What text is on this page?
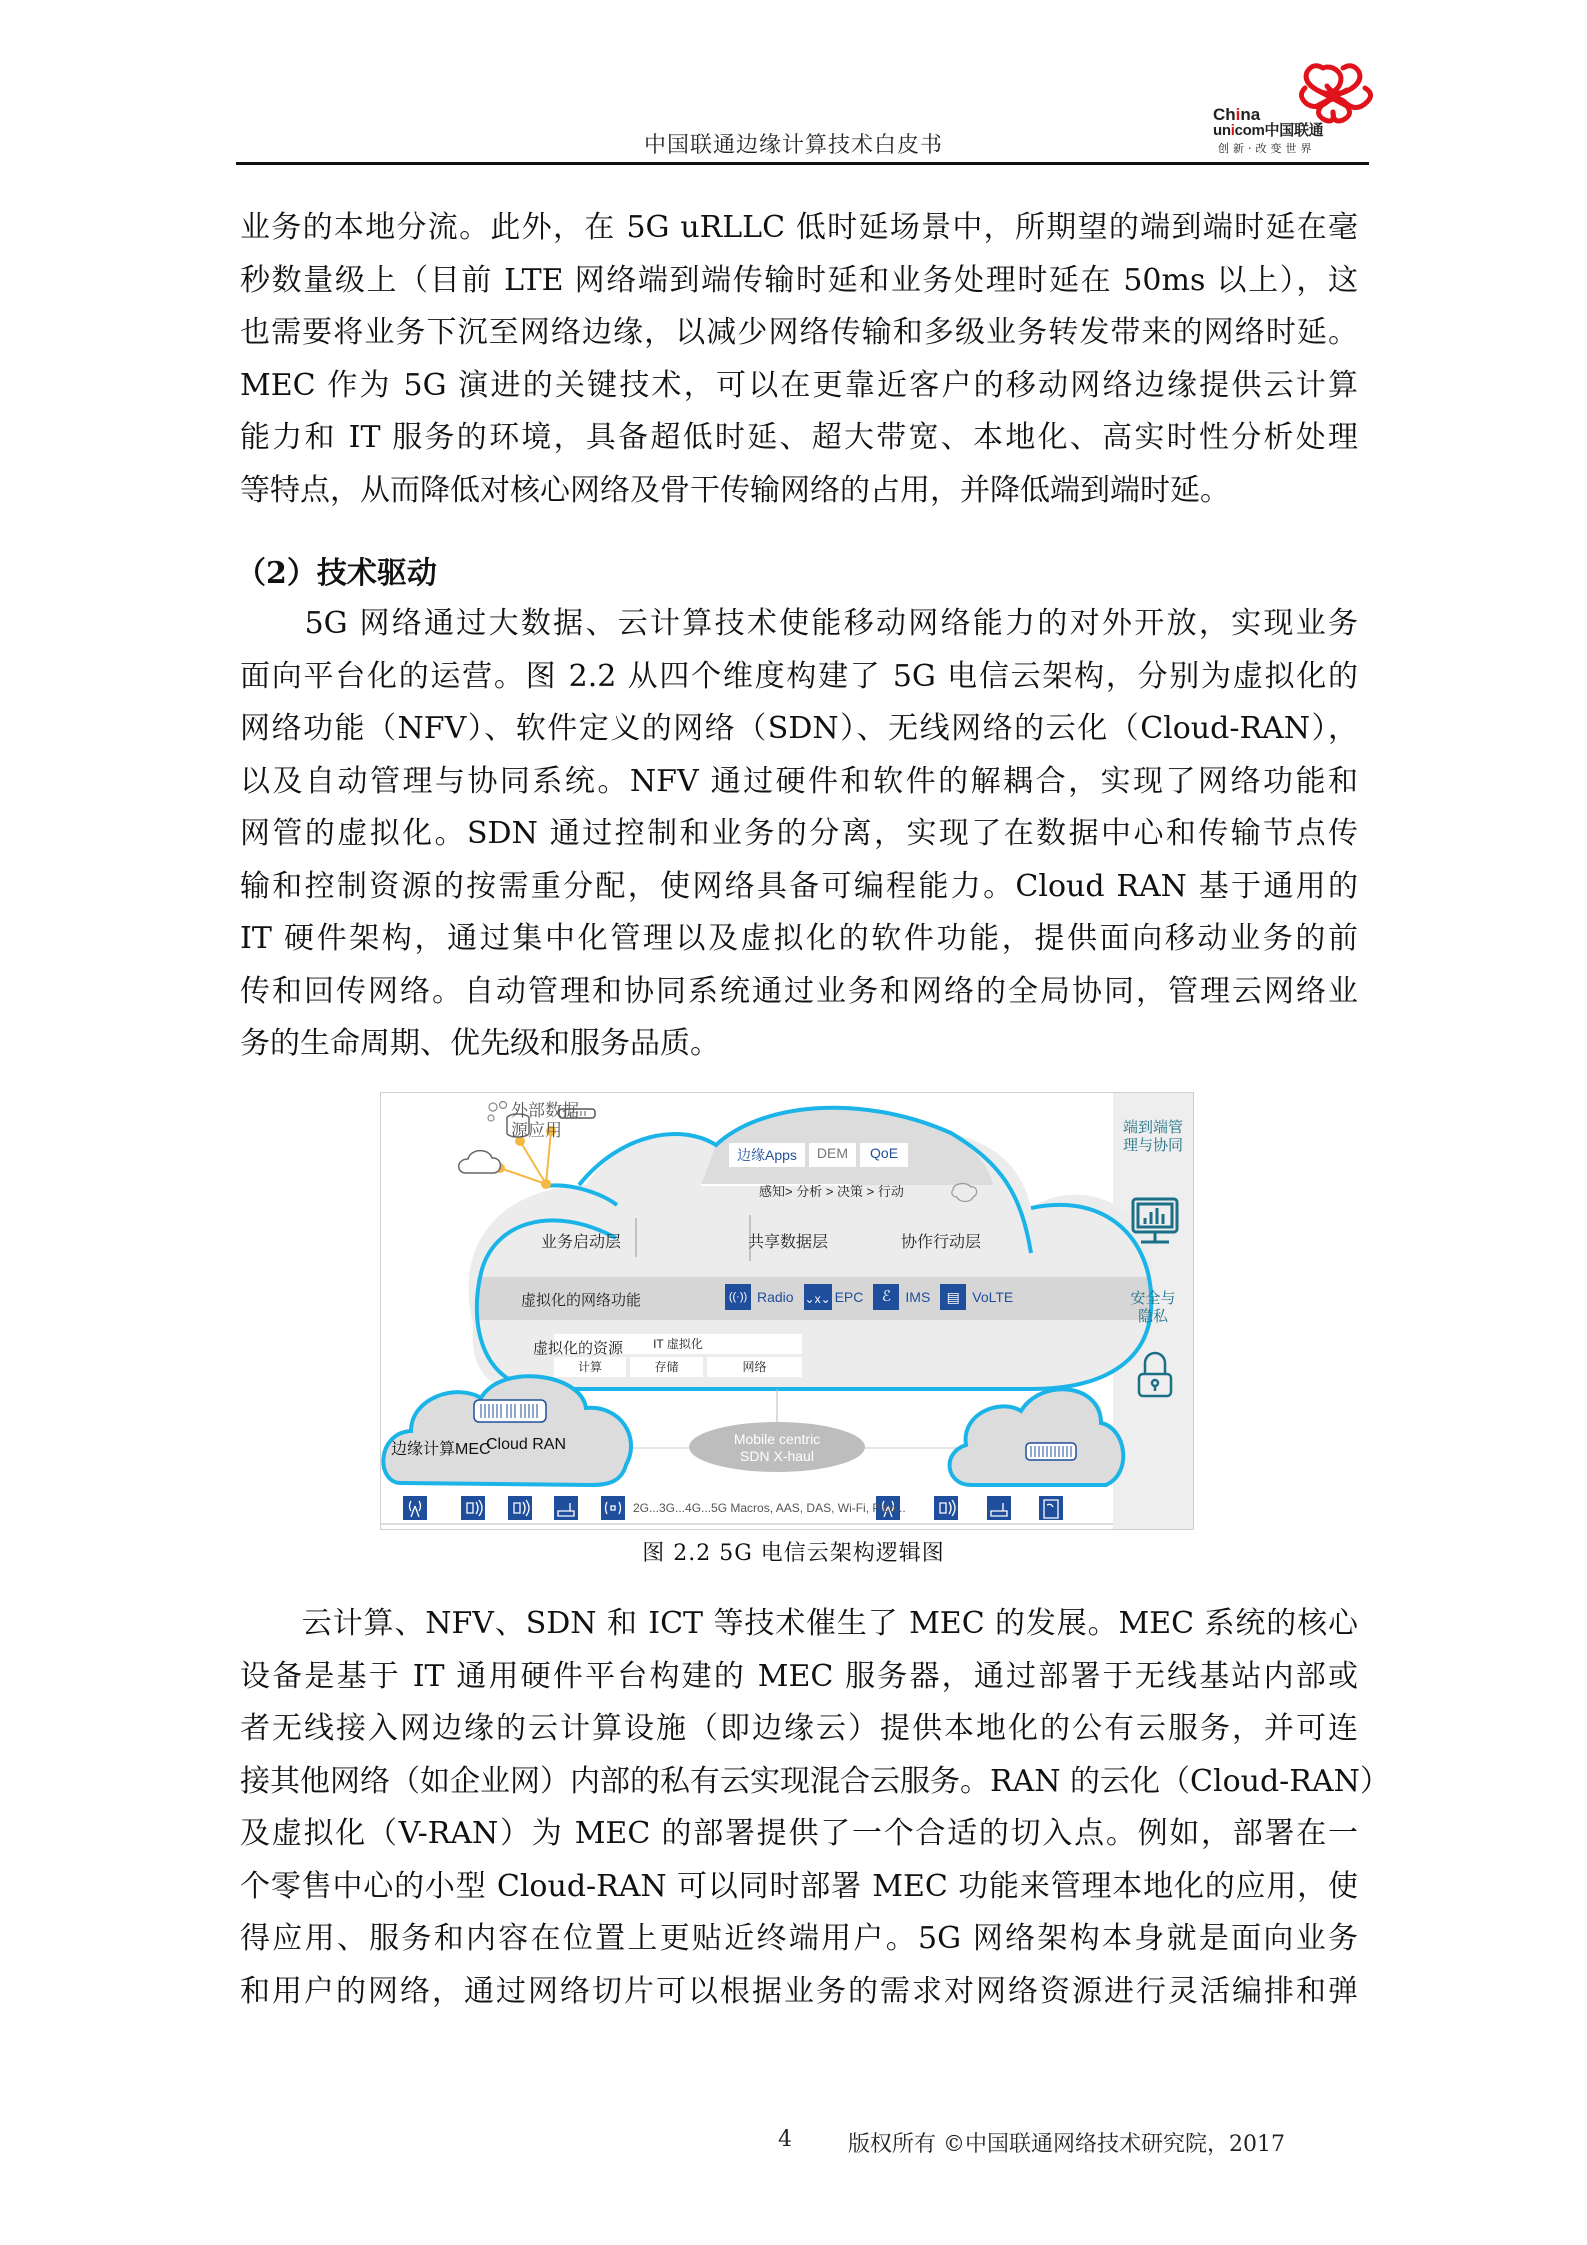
中国联通边缘计算技术白皮书
China
unicom中国联通
创新·改变世界
业务的本地分流。此外，在 5G uRLLC 低时延场景中，所期望的端到端时延在毫
秒数量级上（目前 LTE 网络端到端传输时延和业务处理时延在 50ms 以上），这
也需要将业务下沉至网络边缘，以减少网络传输和多级业务转发带来的网络时延。
MEC 作为 5G 演进的关键技术，可以在更靠近客户的移动网络边缘提供云计算
能力和 IT 服务的环境，具备超低时延、超大带宽、本地化、高实时性分析处理
等特点，从而降低对核心网络及骨干传输网络的占用，并降低端到端时延。
（2）技术驱动
　　5G 网络通过大数据、云计算技术使能移动网络能力的对外开放，实现业务
面向平台化的运营。图 2.2 从四个维度构建了 5G 电信云架构，分别为虚拟化的
网络功能（NFV）、软件定义的网络（SDN）、无线网络的云化（Cloud-RAN），
以及自动管理与协同系统。NFV 通过硬件和软件的解耦合，实现了网络功能和
网管的虚拟化。SDN 通过控制和业务的分离，实现了在数据中心和传输节点传
输和控制资源的按需重分配，使网络具备可编程能力。Cloud RAN 基于通用的
IT 硬件架构，通过集中化管理以及虚拟化的软件功能，提供面向移动业务的前
传和回传网络。自动管理和协同系统通过业务和网络的全局协同，管理云网络业
务的生命周期、优先级和服务品质。
外部数据
源应用
边缘Apps	DEM	QoE
感知> 分析 > 决策 > 行动
业务启动层	共享数据层	协作行动层
虚拟化的网络功能	((·)) Radio ⌄x⌄ EPC	ℰ	IMS	▤ VoLTE
虚拟化的资源	IT 虚拟化
计算	存储	网络
边缘计算MEC
Cloud RAN	Mobile centric
SDN X-haul
2G...3G...4G...5G Macros, AAS, DAS, Wi-Fi, Pico...
端到端管
理与协同
安全与
隐私
图 2.2 5G 电信云架构逻辑图
　　云计算、NFV、SDN 和 ICT 等技术催生了 MEC 的发展。MEC 系统的核心
设备是基于 IT 通用硬件平台构建的 MEC 服务器，通过部署于无线基站内部或
者无线接入网边缘的云计算设施（即边缘云）提供本地化的公有云服务，并可连
接其他网络（如企业网）内部的私有云实现混合云服务。RAN 的云化（Cloud-RAN）
及虚拟化（V-RAN）为 MEC 的部署提供了一个合适的切入点。例如，部署在一
个零售中心的小型 Cloud-RAN 可以同时部署 MEC 功能来管理本地化的应用，使
得应用、服务和内容在位置上更贴近终端用户。5G 网络架构本身就是面向业务
和用户的网络，通过网络切片可以根据业务的需求对网络资源进行灵活编排和弹
4	版权所有 ©中国联通网络技术研究院，2017
